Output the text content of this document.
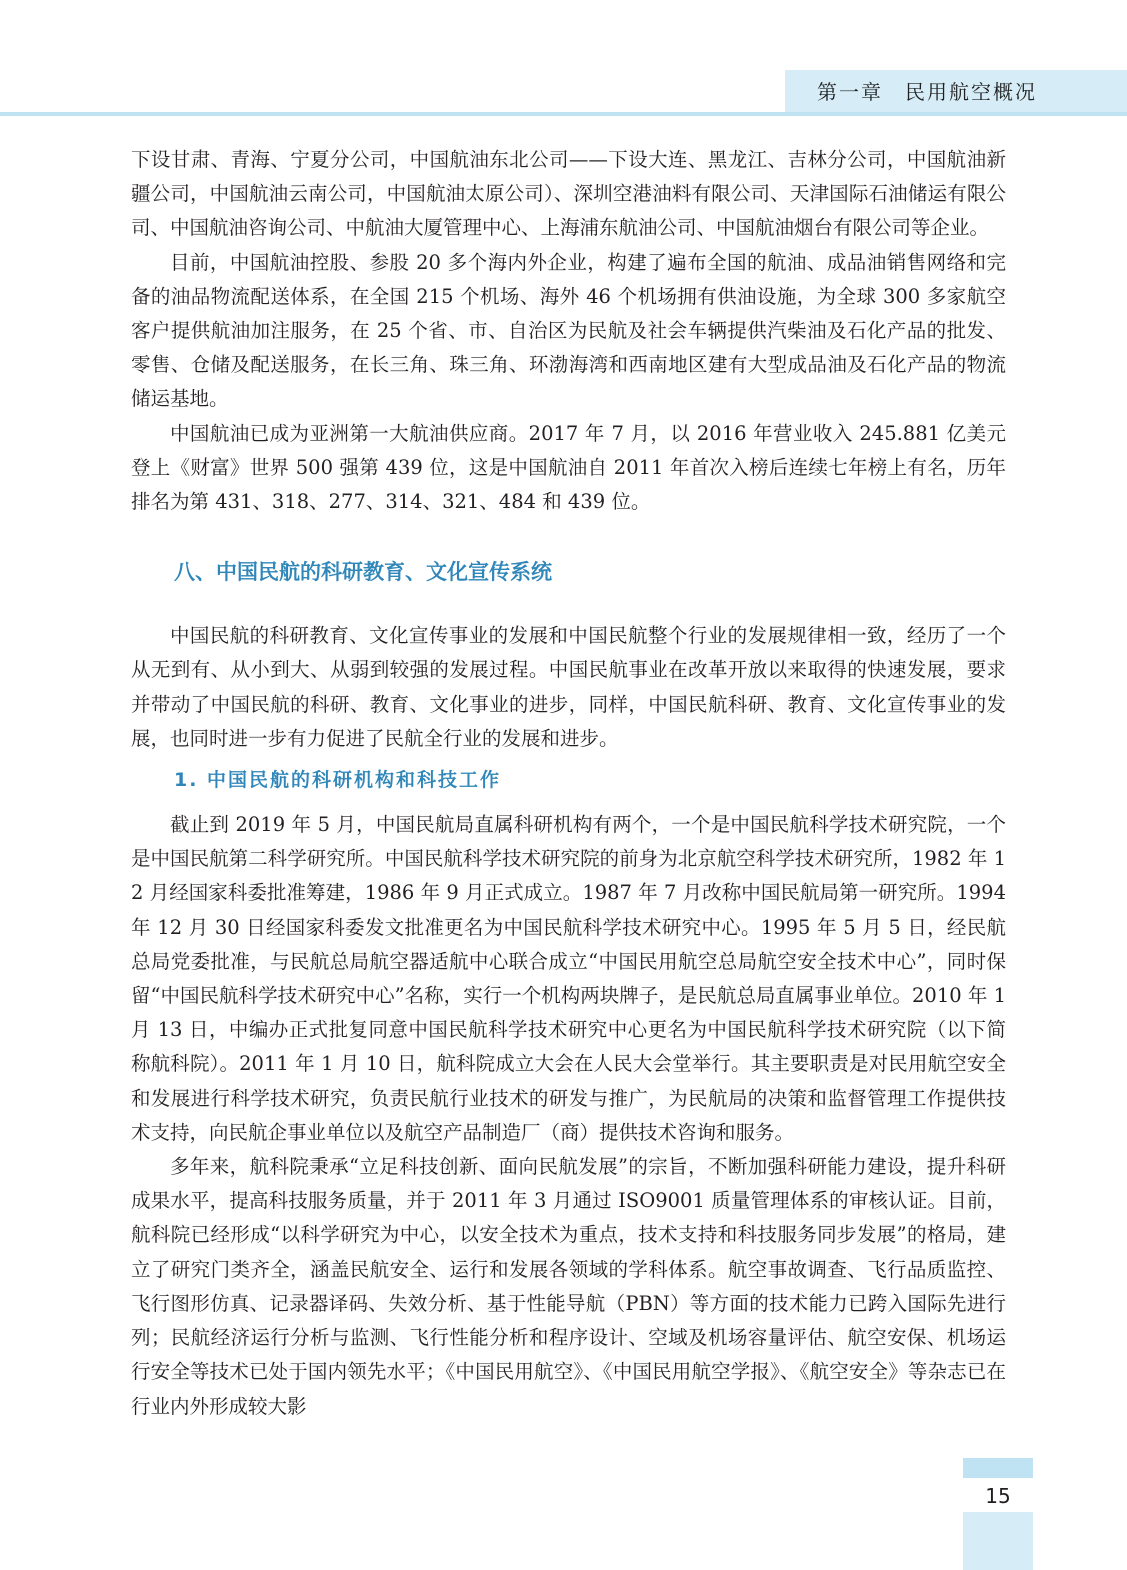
第一章　民用航空概况

下设甘肃、青海、宁夏分公司，中国航油东北公司——下设大连、黑龙江、吉林分公司，中国航油新疆公司，中国航油云南公司，中国航油太原公司）、深圳空港油料有限公司、天津国际石油储运有限公司、中国航油咨询公司、中航油大厦管理中心、上海浦东航油公司、中国航油烟台有限公司等企业。

目前，中国航油控股、参股 20 多个海内外企业，构建了遍布全国的航油、成品油销售网络和完备的油品物流配送体系，在全国 215 个机场、海外 46 个机场拥有供油设施，为全球 300 多家航空客户提供航油加注服务，在 25 个省、市、自治区为民航及社会车辆提供汽柴油及石化产品的批发、零售、仓储及配送服务，在长三角、珠三角、环渤海湾和西南地区建有大型成品油及石化产品的物流储运基地。

中国航油已成为亚洲第一大航油供应商。2017 年 7 月，以 2016 年营业收入 245.881 亿美元登上《财富》世界 500 强第 439 位，这是中国航油自 2011 年首次入榜后连续七年榜上有名，历年排名为第 431、318、277、314、321、484 和 439 位。

八、中国民航的科研教育、文化宣传系统

中国民航的科研教育、文化宣传事业的发展和中国民航整个行业的发展规律相一致，经历了一个从无到有、从小到大、从弱到较强的发展过程。中国民航事业在改革开放以来取得的快速发展，要求并带动了中国民航的科研、教育、文化事业的进步，同样，中国民航科研、教育、文化宣传事业的发展，也同时进一步有力促进了民航全行业的发展和进步。

1. 中国民航的科研机构和科技工作

截止到 2019 年 5 月，中国民航局直属科研机构有两个，一个是中国民航科学技术研究院，一个是中国民航第二科学研究所。中国民航科学技术研究院的前身为北京航空科学技术研究所，1982 年 12 月经国家科委批准筹建，1986 年 9 月正式成立。1987 年 7 月改称中国民航局第一研究所。1994 年 12 月 30 日经国家科委发文批准更名为中国民航科学技术研究中心。1995 年 5 月 5 日，经民航总局党委批准，与民航总局航空器适航中心联合成立“中国民用航空总局航空安全技术中心”，同时保留“中国民航科学技术研究中心”名称，实行一个机构两块牌子，是民航总局直属事业单位。2010 年 1 月 13 日，中编办正式批复同意中国民航科学技术研究中心更名为中国民航科学技术研究院（以下简称航科院）。2011 年 1 月 10 日，航科院成立大会在人民大会堂举行。其主要职责是对民用航空安全和发展进行科学技术研究，负责民航行业技术的研发与推广，为民航局的决策和监督管理工作提供技术支持，向民航企事业单位以及航空产品制造厂（商）提供技术咨询和服务。

多年来，航科院秉承“立足科技创新、面向民航发展”的宗旨，不断加强科研能力建设，提升科研成果水平，提高科技服务质量，并于 2011 年 3 月通过 ISO9001 质量管理体系的审核认证。目前，航科院已经形成“以科学研究为中心，以安全技术为重点，技术支持和科技服务同步发展”的格局，建立了研究门类齐全，涵盖民航安全、运行和发展各领域的学科体系。航空事故调查、飞行品质监控、飞行图形仿真、记录器译码、失效分析、基于性能导航（PBN）等方面的技术能力已跨入国际先进行列；民航经济运行分析与监测、飞行性能分析和程序设计、空域及机场容量评估、航空安保、机场运行安全等技术已处于国内领先水平；《中国民用航空》、《中国民用航空学报》、《航空安全》等杂志已在行业内外形成较大影

15
